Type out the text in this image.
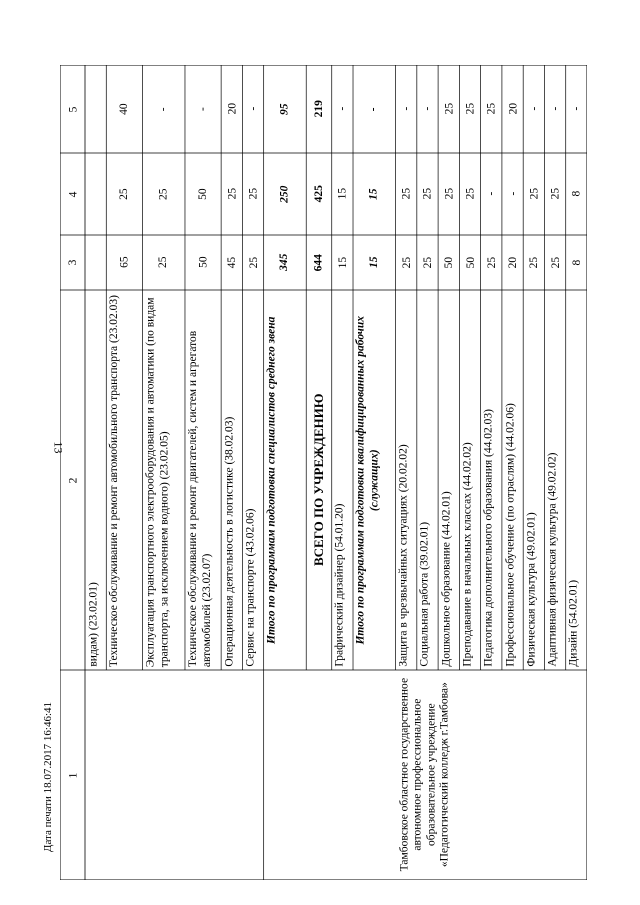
13
Дата печати 18.07.2017 16:46:41
5
4
3
2
1	Тамбовское областное государственное автономное профессиональное образовательное учреждение «Педагогический колледж г.Тамбова»
видам) (23.02.01) Техническое обслуживание и ремонт автомобильного транспорта (23.02.03)
65
25
40
Эксплуатация транспортного электрооборудования и автоматики (по видам транспорта, за исключением водного) (23.02.05)
25
25
-
Техническое обслуживание и ремонт двигателей, систем и агрегатов автомобилей (23.02.07)
50
50
-
Операционная деятельность в логистике (38.02.03)
45
25
20
Сервис на транспорте (43.02.06)
25
25
-
Итого по программам подготовки специалистов среднего звена
345
250
95
ВСЕГО ПО УЧРЕЖДЕНИЮ
644
425
219
Графический дизайнер (54.01.20)
15
15
-
Итого по программам подготовки квалифицированных рабочих (служащих)
15
15
-
Защита в чрезвычайных ситуациях (20.02.02)
25
25
-
Социальная работа (39.02.01)
25
25
-
Дошкольное образование (44.02.01)
50
25
25
Преподавание в начальных классах (44.02.02)
50
25
25
Педагогика дополнительного образования (44.02.03)
25
-
25
Профессиональное обучение (по отраслям) (44.02.06)
20
-
20
Физическая культура (49.02.01)
25
25
-
Адаптивная физическая культура (49.02.02)
25
25
-
Дизайн (54.02.01)
8
8
-
